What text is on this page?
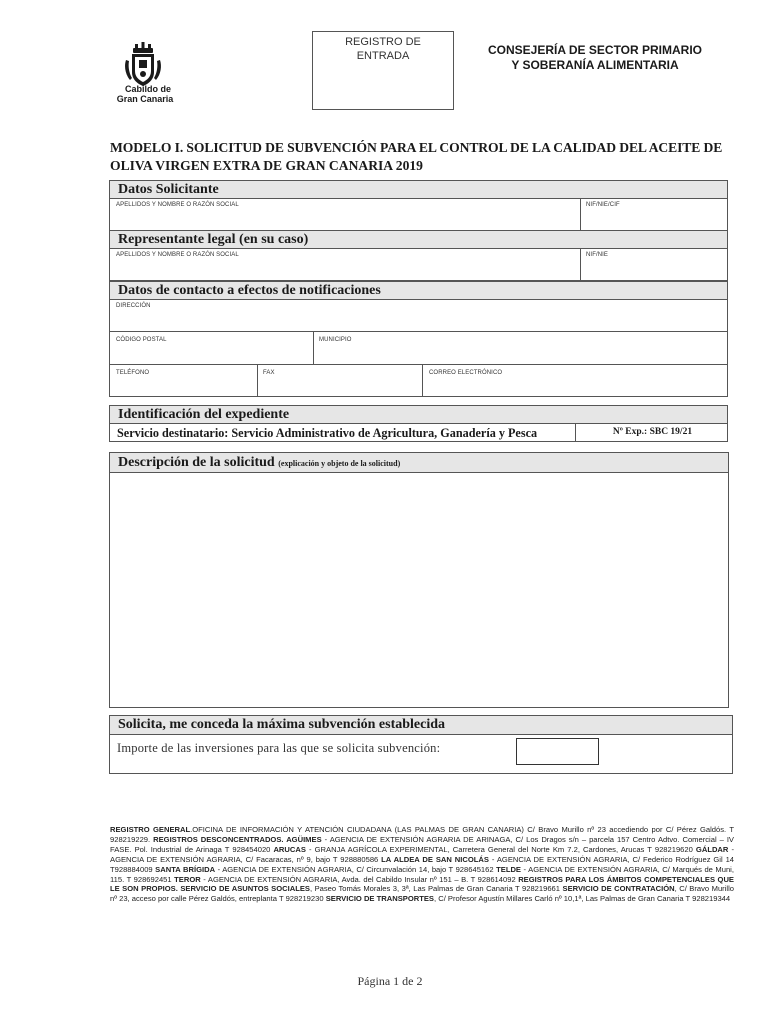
Cabildo de
Gran Canaria
REGISTRO DE
ENTRADA	CONSEJERÍA DE SECTOR PRIMARIO
Y SOBERANÍA ALIMENTARIA
MODELO I. SOLICITUD DE SUBVENCIÓN PARA EL CONTROL DE LA CALIDAD DEL ACEITE DE
OLIVA VIRGEN EXTRA DE GRAN CANARIA 2019
Datos Solicitante
APELLIDOS Y NOMBRE O RAZÓN SOCIAL	NIF/NIE/CIF
Representante legal (en su caso)
APELLIDOS Y NOMBRE O RAZÓN SOCIAL	NIF/NIE
Datos de contacto a efectos de notificaciones
DIRECCIÓN
CÓDIGO POSTAL	MUNICIPIO
TELÉFONO	FAX	CORREO ELECTRÓNICO
Identificación del expediente
Servicio destinatario: Servicio Administrativo de Agricultura, Ganadería y Pesca	Nº Exp.: SBC 19/21
Descripción de la solicitud (explicación y objeto de la solicitud)
Solicita, me conceda la máxima subvención establecida
Importe de las inversiones para las que se solicita subvención:
REGISTRO GENERAL.OFICINA DE INFORMACIÓN Y ATENCIÓN CIUDADANA (LAS PALMAS DE GRAN CANARIA) C/ Bravo Murillo nº 23 accediendo por C/ Pérez Galdós. T 928219229. REGISTROS DESCONCENTRADOS. AGÜIMES - AGENCIA DE EXTENSIÓN AGRARIA DE ARINAGA, C/ Los Dragos s/n – parcela 157 Centro Adtvo. Comercial – IV FASE. Pol. Industrial de Arinaga T 928454020 ARUCAS - GRANJA AGRÍCOLA EXPERIMENTAL, Carretera General del Norte Km 7.2, Cardones, Arucas T 928219620 GÁLDAR - AGENCIA DE EXTENSIÓN AGRARIA, C/ Facaracas, nº 9, bajo T 928880586 LA ALDEA DE SAN NICOLÁS - AGENCIA DE EXTENSIÓN AGRARIA, C/ Federico Rodríguez Gil 14 T928884009 SANTA BRÍGIDA - AGENCIA DE EXTENSIÓN AGRARIA, C/ Circunvalación 14, bajo T 928645162 TELDE - AGENCIA DE EXTENSIÓN AGRARIA, C/ Marqués de Muni, 115. T 928692451 TEROR - AGENCIA DE EXTENSIÓN AGRARIA, Avda. del Cabildo Insular nº 151 – B. T 928614092 REGISTROS PARA LOS ÁMBITOS COMPETENCIALES QUE LE SON PROPIOS. SERVICIO DE ASUNTOS SOCIALES, Paseo Tomás Morales 3, 3ª, Las Palmas de Gran Canaria T 928219661 SERVICIO DE CONTRATACIÓN, C/ Bravo Murillo nº 23, acceso por calle Pérez Galdós, entreplanta T 928219230 SERVICIO DE TRANSPORTES, C/ Profesor Agustín Millares Carló nº 10,1ª, Las Palmas de Gran Canaria T 928219344
Página 1 de 2
